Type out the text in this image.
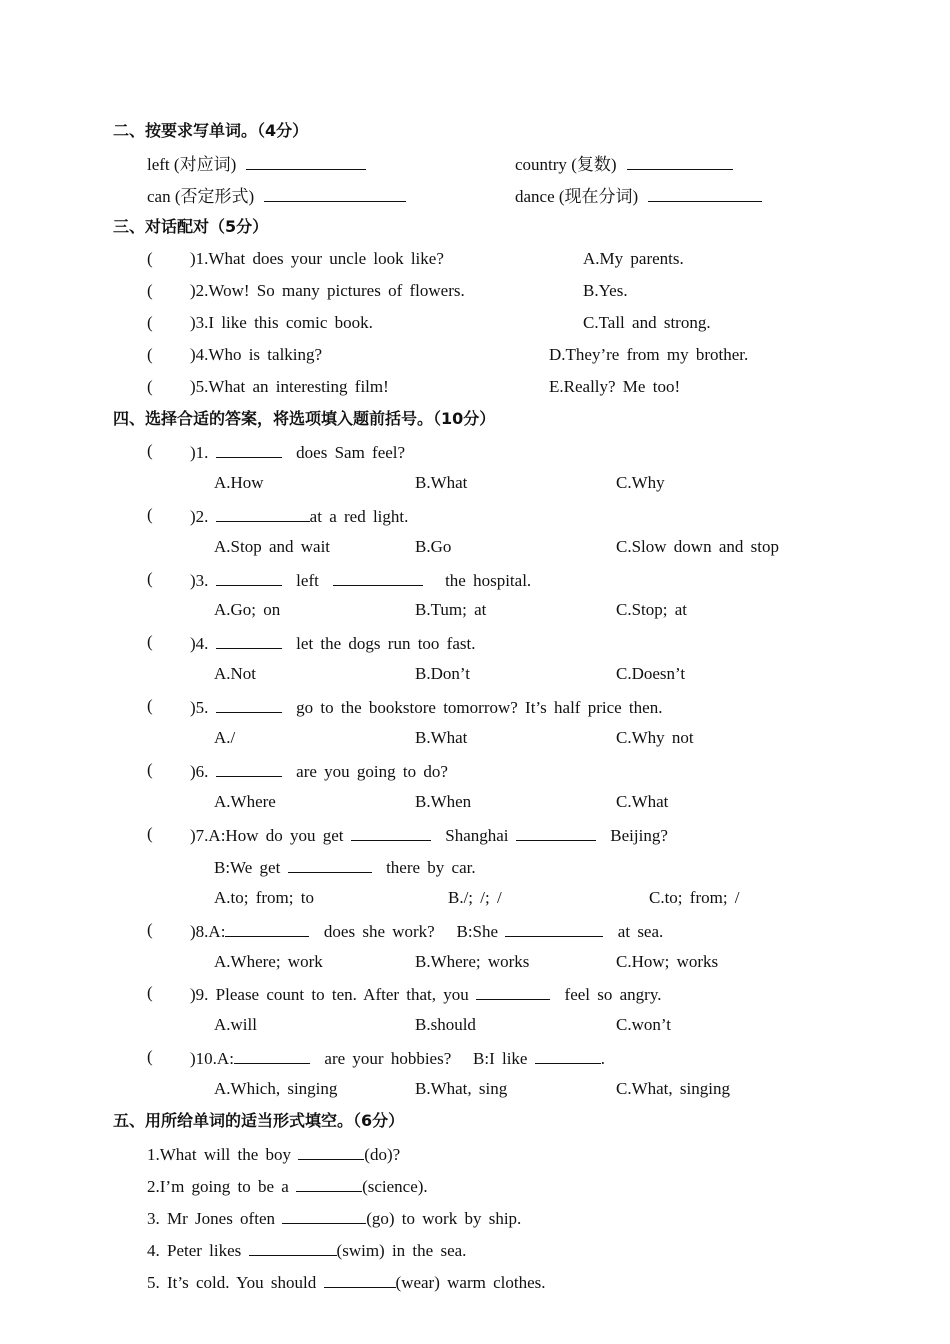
二、按要求写单词。（4分）
left (对应词)	country (复数)
can (否定形式)	dance (现在分词)
三、对话配对（5分）
( )1.What does your uncle look like?	A.My parents.
( )2.Wow! So many pictures of flowers.	B.Yes.
( )3.I like this comic book.	C.Tall and strong.
( )4.Who is talking?	D.They’re from my brother.
( )5.What an interesting film!	E.Really? Me too!
四、选择合适的答案，将选项填入题前括号。（10分）
( )1.	does Sam feel?
A.How	B.What	C.Why
( )2.	at a red light.
A.Stop and wait	B.Go	C.Slow down and stop
( )3.	left	the hospital.
A.Go; on	B.Tum; at	C.Stop; at
( )4.	let the dogs run too fast.
A.Not	B.Don’t	C.Doesn’t
( )5.	go to the bookstore tomorrow? It’s half price then.
A./	B.What	C.Why not
( )6.	are you going to do?
A.Where	B.When	C.What
( )7.A:How do you get	Shanghai	Beijing?
B:We get	there by car.
A.to; from; to	B./; /; /	C.to; from; /
( )8.A:	does she work? B:She	at sea.
A.Where; work	B.Where; works	C.How; works
( )9. Please count to ten. After that, you	feel so angry.
A.will	B.should	C.won’t
( )10.A:	are your hobbies? B:I like	.
A.Which, singing	B.What, sing	C.What, singing
五、用所给单词的适当形式填空。（6分）
1.What will the boy	(do)?
2.I’m going to be a	(science).
3. Mr Jones often	(go) to work by ship.
4. Peter likes	(swim) in the sea.
5. It’s cold. You should	(wear) warm clothes.
